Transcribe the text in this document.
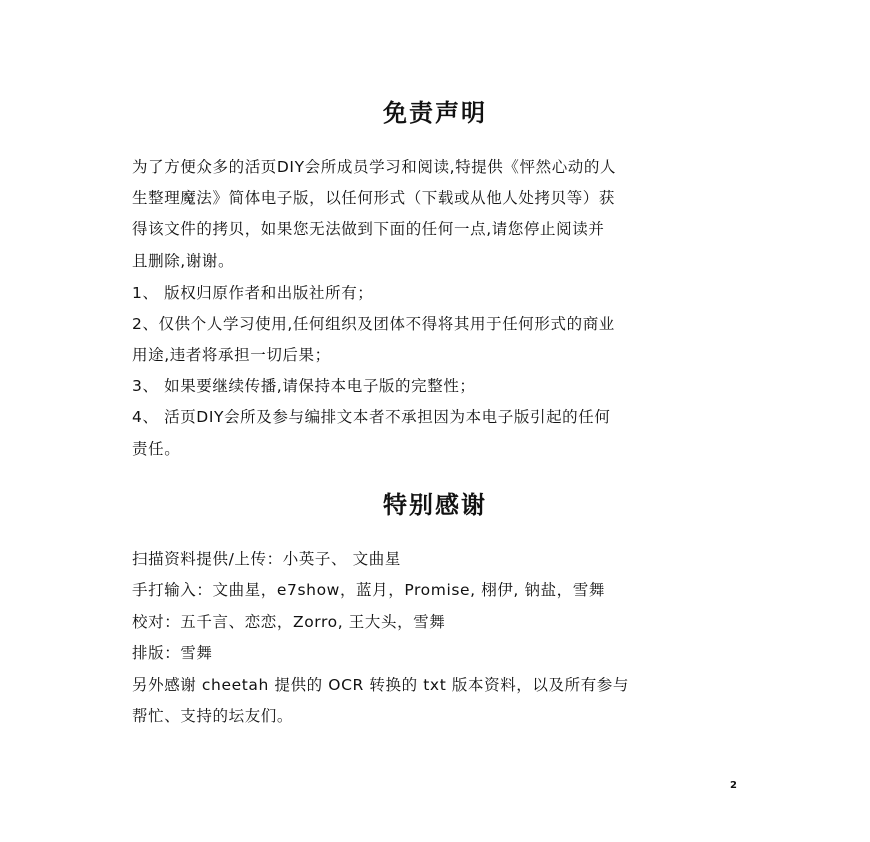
免责声明

为了方便众多的活页DIY会所成员学习和阅读,特提供《怦然心动的人

生整理魔法》简体电子版，以任何形式（下载或从他人处拷贝等）获

得该文件的拷贝，如果您无法做到下面的任何一点,请您停止阅读并

且删除,谢谢。

1、 版权归原作者和出版社所有；

2、仅供个人学习使用,任何组织及团体不得将其用于任何形式的商业

用途,违者将承担一切后果；

3、 如果要继续传播,请保持本电子版的完整性；

4、 活页DIY会所及参与编排文本者不承担因为本电子版引起的任何

责任。

特别感谢

扫描资料提供/上传：小英子、 文曲星

手打输入：文曲星，e7show，蓝月，Promise, 栩伊, 钠盐，雪舞

校对：五千言、恋恋，Zorro, 王大头，雪舞

排版：雪舞

另外感谢 cheetah 提供的 OCR 转换的 txt 版本资料，以及所有参与

帮忙、支持的坛友们。

2
